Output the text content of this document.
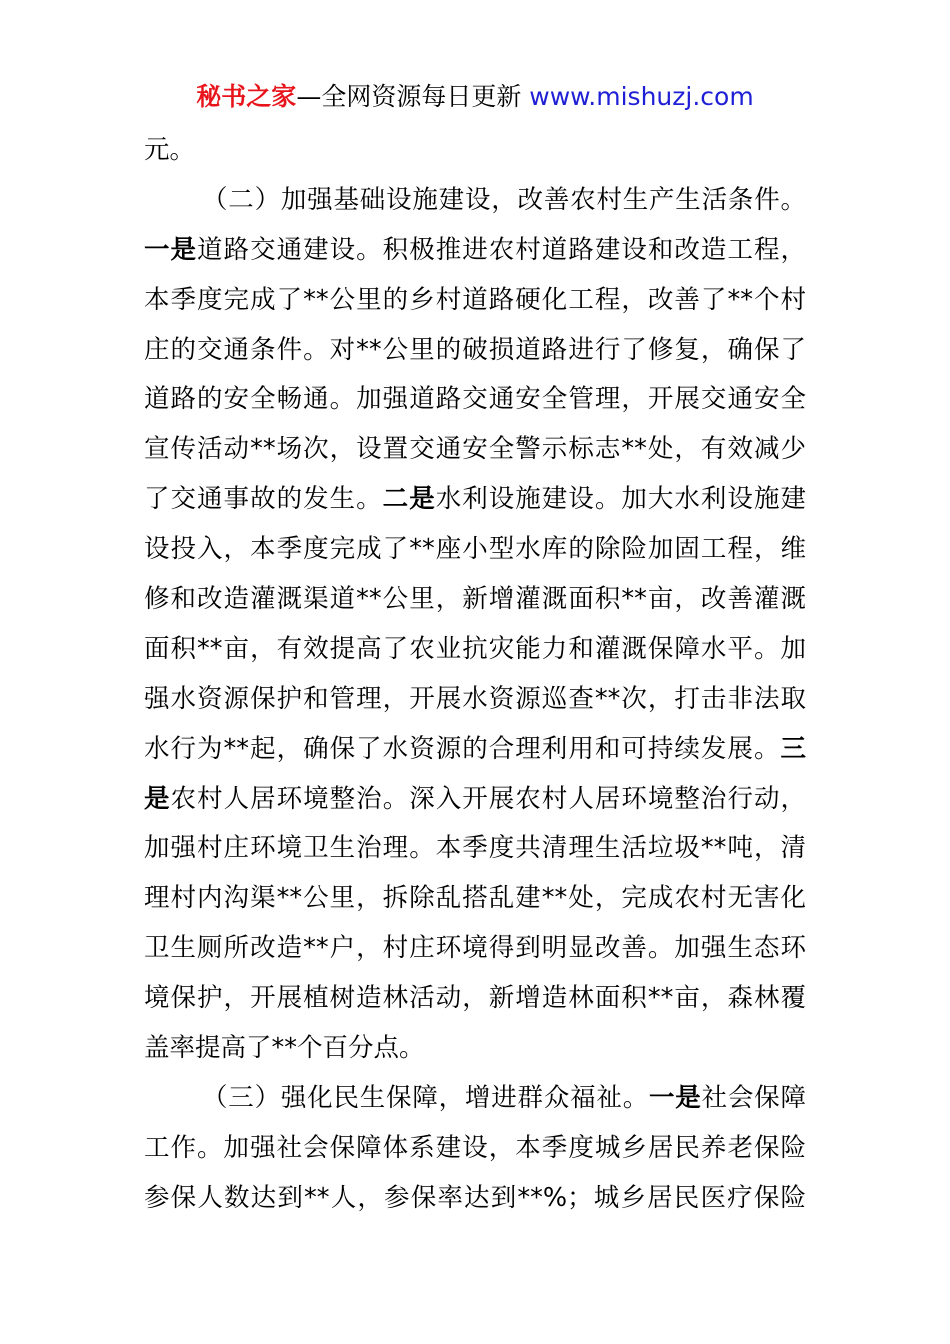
秘书之家—全网资源每日更新 www.mishuzj.com
元。
（二）加强基础设施建设，改善农村生产生活条件。
一是道路交通建设。积极推进农村道路建设和改造工程，
本季度完成了**公里的乡村道路硬化工程，改善了**个村
庄的交通条件。对**公里的破损道路进行了修复，确保了
道路的安全畅通。加强道路交通安全管理，开展交通安全
宣传活动**场次，设置交通安全警示标志**处，有效减少
了交通事故的发生。二是水利设施建设。加大水利设施建
设投入，本季度完成了**座小型水库的除险加固工程，维
修和改造灌溉渠道**公里，新增灌溉面积**亩，改善灌溉
面积**亩，有效提高了农业抗灾能力和灌溉保障水平。加
强水资源保护和管理，开展水资源巡查**次，打击非法取
水行为**起，确保了水资源的合理利用和可持续发展。三
是农村人居环境整治。深入开展农村人居环境整治行动，
加强村庄环境卫生治理。本季度共清理生活垃圾**吨，清
理村内沟渠**公里，拆除乱搭乱建**处，完成农村无害化
卫生厕所改造**户，村庄环境得到明显改善。加强生态环
境保护，开展植树造林活动，新增造林面积**亩，森林覆
盖率提高了**个百分点。
（三）强化民生保障，增进群众福祉。一是社会保障
工作。加强社会保障体系建设，本季度城乡居民养老保险
参保人数达到**人，参保率达到**%；城乡居民医疗保险
